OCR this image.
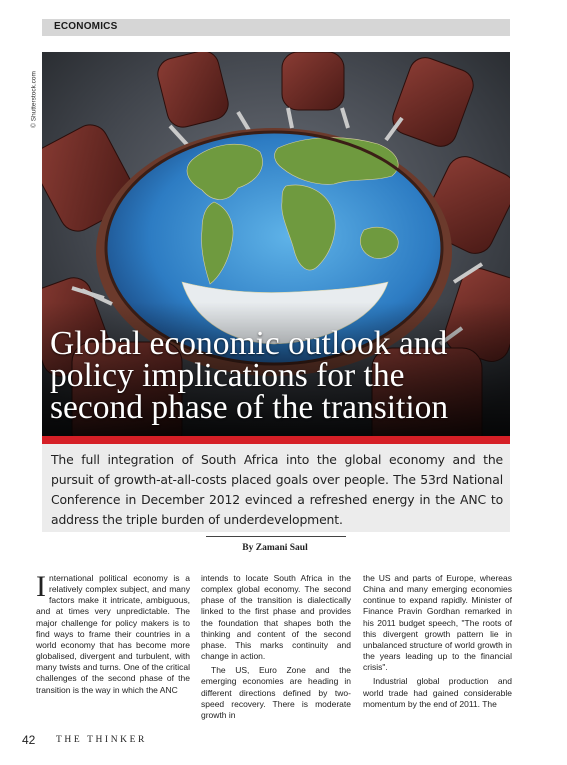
ECONOMICS
© Shutterstock.com
Global economic outlook and
policy implications for the
second phase of the transition

The full integration of South Africa into the global economy and the pursuit of growth-at-all-costs placed goals over people. The 53rd National Conference in December 2012 evinced a refreshed energy in the ANC to address the triple burden of underdevelopment.

By Zamani Saul

International political economy is a relatively complex subject, and many factors make it intricate, ambiguous, and at times very unpredictable. The major challenge for policy makers is to find ways to frame their countries in a world economy that has become more globalised, divergent and turbulent, with many twists and turns. One of the critical challenges of the second phase of the transition is the way in which the ANC

intends to locate South Africa in the complex global economy. The second phase of the transition is dialectically linked to the first phase and provides the foundation that shapes both the thinking and content of the second phase. This marks continuity and change in action.

The US, Euro Zone and the emerging economies are heading in different directions defined by two-speed recovery. There is moderate growth in

the US and parts of Europe, whereas China and many emerging economies continue to expand rapidly. Minister of Finance Pravin Gordhan remarked in his 2011 budget speech, "The roots of this divergent growth pattern lie in unbalanced structure of world growth in the years leading up to the financial crisis".

Industrial global production and world trade had gained considerable momentum by the end of 2011. The

42 THE THINKER
